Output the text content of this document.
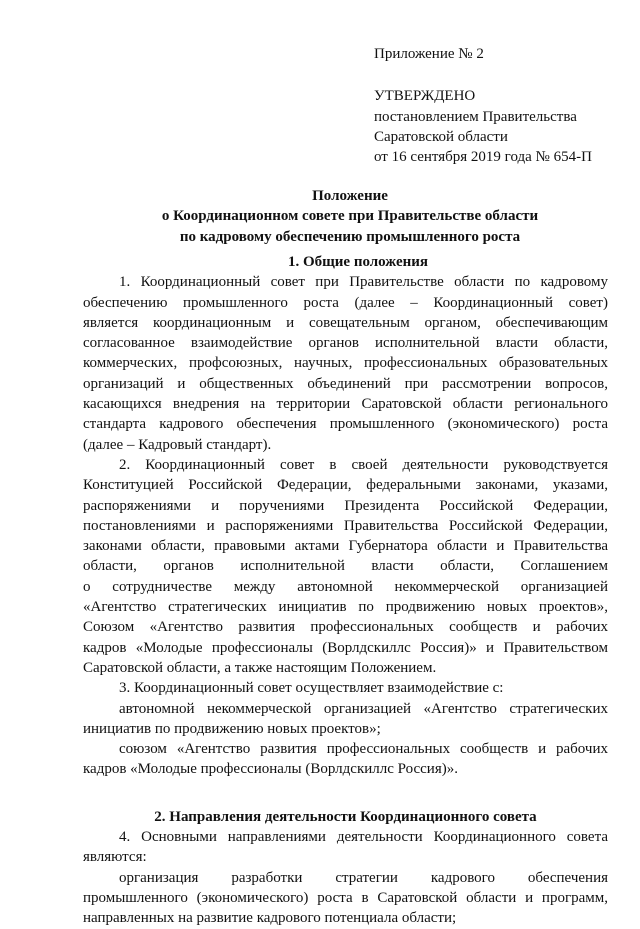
Приложение № 2
УТВЕРЖДЕНО
постановлением Правительства
Саратовской области
от 16 сентября 2019 года № 654-П
Положение
о Координационном совете при Правительстве области
по кадровому обеспечению промышленного роста
1. Общие положения
1. Координационный совет при Правительстве области по кадровому
обеспечению промышленного роста (далее – Координационный совет)
является координационным и совещательным органом, обеспечивающим
согласованное взаимодействие органов исполнительной власти области,
коммерческих, профсоюзных, научных, профессиональных образовательных
организаций и общественных объединений при рассмотрении вопросов,
касающихся внедрения на территории Саратовской области регионального
стандарта кадрового обеспечения промышленного (экономического) роста
(далее – Кадровый стандарт).
2. Координационный совет в своей деятельности руководствуется
Конституцией Российской Федерации, федеральными законами, указами,
распоряжениями и поручениями Президента Российской Федерации,
постановлениями и распоряжениями Правительства Российской Федерации,
законами области, правовыми актами Губернатора области и Правительства
области, органов исполнительной власти области, Соглашением
о сотрудничестве между автономной некоммерческой организацией
«Агентство стратегических инициатив по продвижению новых проектов»,
Союзом «Агентство развития профессиональных сообществ и рабочих
кадров «Молодые профессионалы (Ворлдскиллс Россия)» и Правительством
Саратовской области, а также настоящим Положением.
3. Координационный совет осуществляет взаимодействие с:
автономной некоммерческой организацией «Агентство стратегических
инициатив по продвижению новых проектов»;
союзом «Агентство развития профессиональных сообществ и рабочих
кадров «Молодые профессионалы (Ворлдскиллс Россия)».
2. Направления деятельности Координационного совета
4. Основными направлениями деятельности Координационного совета
являются:
организация разработки стратегии кадрового обеспечения
промышленного (экономического) роста в Саратовской области и программ,
направленных на развитие кадрового потенциала области;
